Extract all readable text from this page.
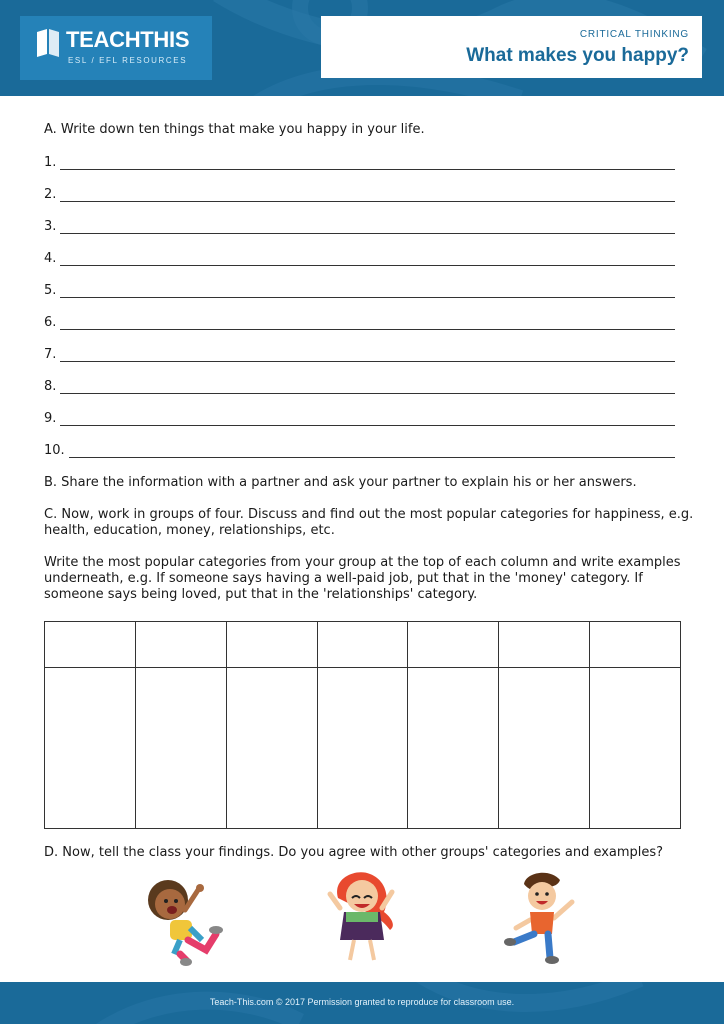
TEACHTHIS
ESL / EFL RESOURCES
CRITICAL THINKING
What makes you happy?

A. Write down ten things that make you happy in your life.

1.
2.
3.
4.
5.
6.
7.
8.
9.
10.

B. Share the information with a partner and ask your partner to explain his or her answers.

C. Now, work in groups of four. Discuss and find out the most popular categories for happiness, e.g. health, education, money, relationships, etc.

Write the most popular categories from your group at the top of each column and write examples underneath, e.g. If someone says having a well-paid job, put that in the 'money' category. If someone says being loved, put that in the 'relationships' category.

D. Now, tell the class your findings. Do you agree with other groups' categories and examples?

Teach-This.com © 2017 Permission granted to reproduce for classroom use.
